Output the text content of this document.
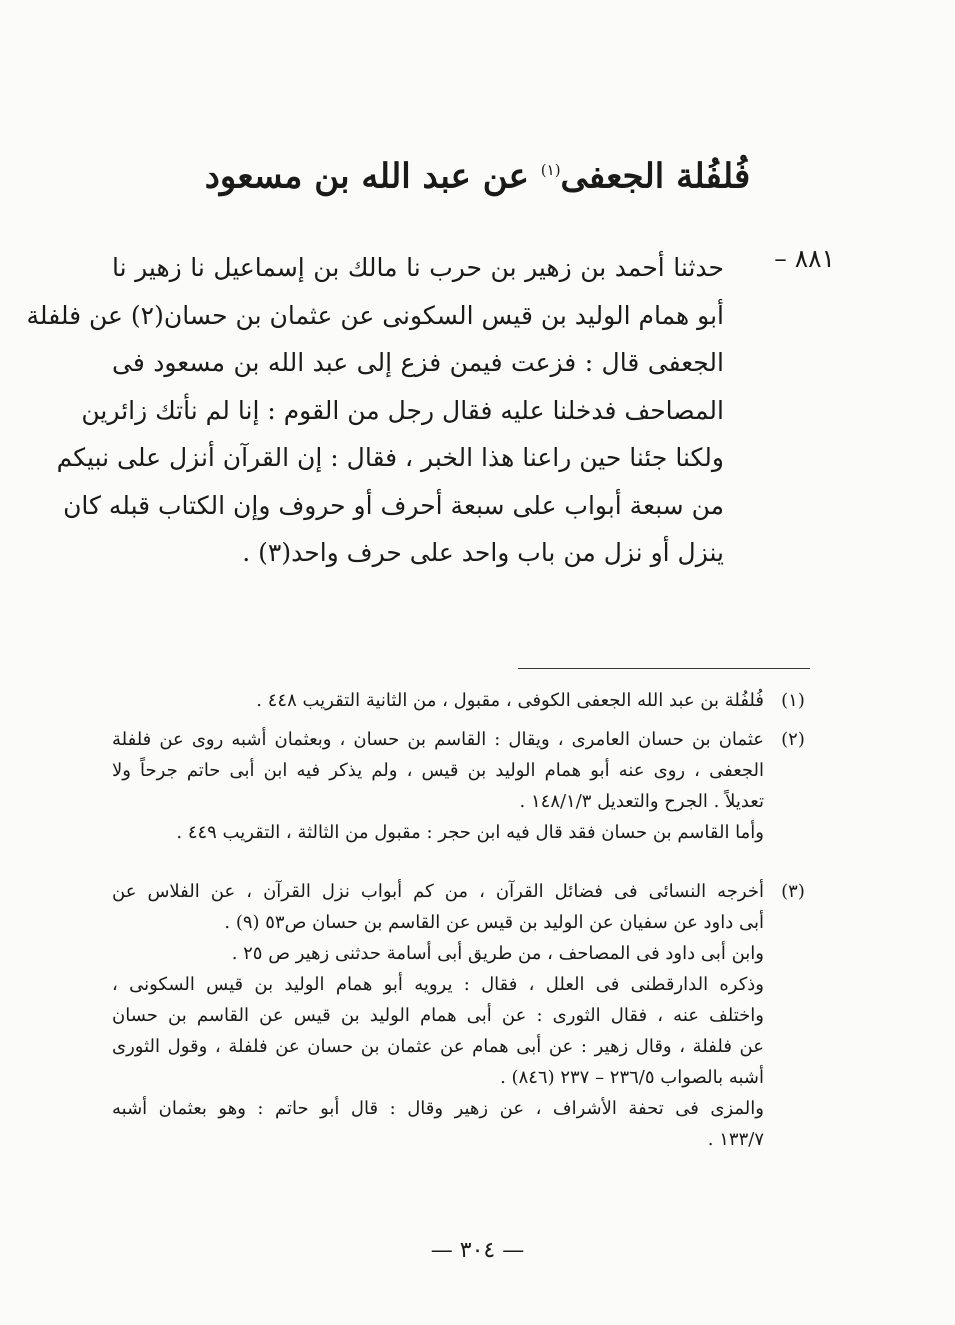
فُلفُلة الجعفى$^{(١)}$ عن عبد الله بن مسعود
٨٨١ –
حدثنا أحمد بن زهير بن حرب نا مالك بن إسماعيل نا زهير نا
أبو همام الوليد بن قيس السكونى عن عثمان بن حسان(٢) عن فلفلة
الجعفى قال : فزعت فيمن فزع إلى عبد الله بن مسعود فى
المصاحف فدخلنا عليه فقال رجل من القوم : إنا لم نأتك زائرين
ولكنا جئنا حين راعنا هذا الخبر ، فقال : إن القرآن أنزل على نبيكم
من سبعة أبواب على سبعة أحرف أو حروف وإن الكتاب قبله كان
ينزل أو نزل من باب واحد على حرف واحد(٣) .
(١)
فُلفُلة بن عبد الله الجعفى الكوفى ، مقبول ، من الثانية التقريب ٤٤٨ .
(٢)
عثمان بن حسان العامرى ، ويقال : القاسم بن حسان ، وبعثمان أشبه روى عن فلفلة
الجعفى ، روى عنه أبو همام الوليد بن قيس ، ولم يذكر فيه ابن أبى حاتم جرحاً ولا
تعديلاً . الجرح والتعديل ١٤٨/١/٣ .
وأما القاسم بن حسان فقد قال فيه ابن حجر : مقبول من الثالثة ، التقريب ٤٤٩ .
(٣)
أخرجه النسائى فى فضائل القرآن ، من كم أبواب نزل القرآن ، عن الفلاس عن
أبى داود عن سفيان عن الوليد بن قيس عن القاسم بن حسان ص٥٣ (٩) .
وابن أبى داود فى المصاحف ، من طريق أبى أسامة حدثنى زهير ص ٢٥ .
وذكره الدارقطنى فى العلل ، فقال : يرويه أبو همام الوليد بن قيس السكونى ،
واختلف عنه ، فقال الثورى : عن أبى همام الوليد بن قيس عن القاسم بن حسان
عن فلفلة ، وقال زهير : عن أبى همام عن عثمان بن حسان عن فلفلة ، وقول الثورى
أشبه بالصواب ٢٣٦/٥ – ٢٣٧ (٨٤٦) .
والمزى فى تحفة الأشراف ، عن زهير وقال : قال أبو حاتم : وهو بعثمان أشبه
١٣٣/٧ .
— ٣٠٤ —
